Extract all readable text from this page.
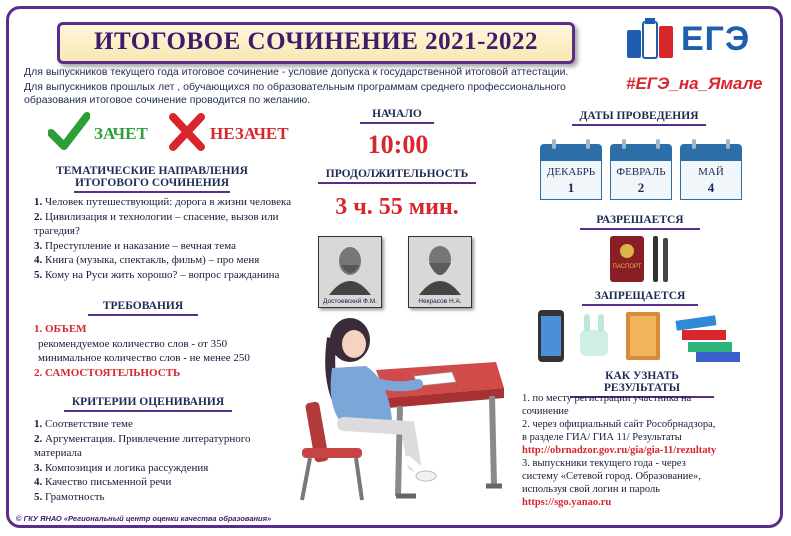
ИТОГОВОЕ СОЧИНЕНИЕ 2021-2022
Для выпускников текущего года итоговое сочинение - условие допуска к государственной итоговой аттестации.
Для выпускников прошлых лет , обучающихся по образовательным программам среднего профессионального
образования итоговое сочинение проводится по желанию.
ЕГЭ
#ЕГЭ_на_Ямале
ЗАЧЕТ	НЕЗАЧЕТ
ТЕМАТИЧЕСКИЕ НАПРАВЛЕНИЯ
ИТОГОВОГО СОЧИНЕНИЯ
1. Человек путешествующий: дорога в жизни человека
2. Цивилизация и технологии – спасение, вызов или
трагедия?
3. Преступление и наказание – вечная тема
4. Книга (музыка, спектакль, фильм) – про меня
5. Кому на Руси жить хорошо? – вопрос гражданина
ТРЕБОВАНИЯ
1. ОБЪЕМ
рекомендуемое количество слов - от 350
минимальное количество слов - не менее 250
2. САМОСТОЯТЕЛЬНОСТЬ
КРИТЕРИИ ОЦЕНИВАНИЯ
1. Соответствие теме
2. Аргументация. Привлечение литературного
материала
3. Композиция и логика рассуждения
4. Качество письменной речи
5. Грамотность
НАЧАЛО
10:00
ПРОДОЛЖИТЕЛЬНОСТЬ
3 ч. 55 мин.
Достоевский Ф.М.	Некрасов Н.А.
ДАТЫ ПРОВЕДЕНИЯ
ДЕКАБРЬ
1
ФЕВРАЛЬ
2
МАЙ
4
РАЗРЕШАЕТСЯ
ПАСПОРТ
ЗАПРЕЩАЕТСЯ
КАК УЗНАТЬ РЕЗУЛЬТАТЫ
1. по месту регистрации участника на
сочинение
2. через официальный сайт Рособрнадзора,
в разделе ГИА/ ГИА 11/ Результаты
http://obrnadzor.gov.ru/gia/gia-11/rezultaty
3. выпускники текущего года - через
систему «Сетевой город. Образование»,
используя свой логин и пароль
https://sgo.yanao.ru
© ГКУ ЯНАО «Региональный центр оценки качества образования»
